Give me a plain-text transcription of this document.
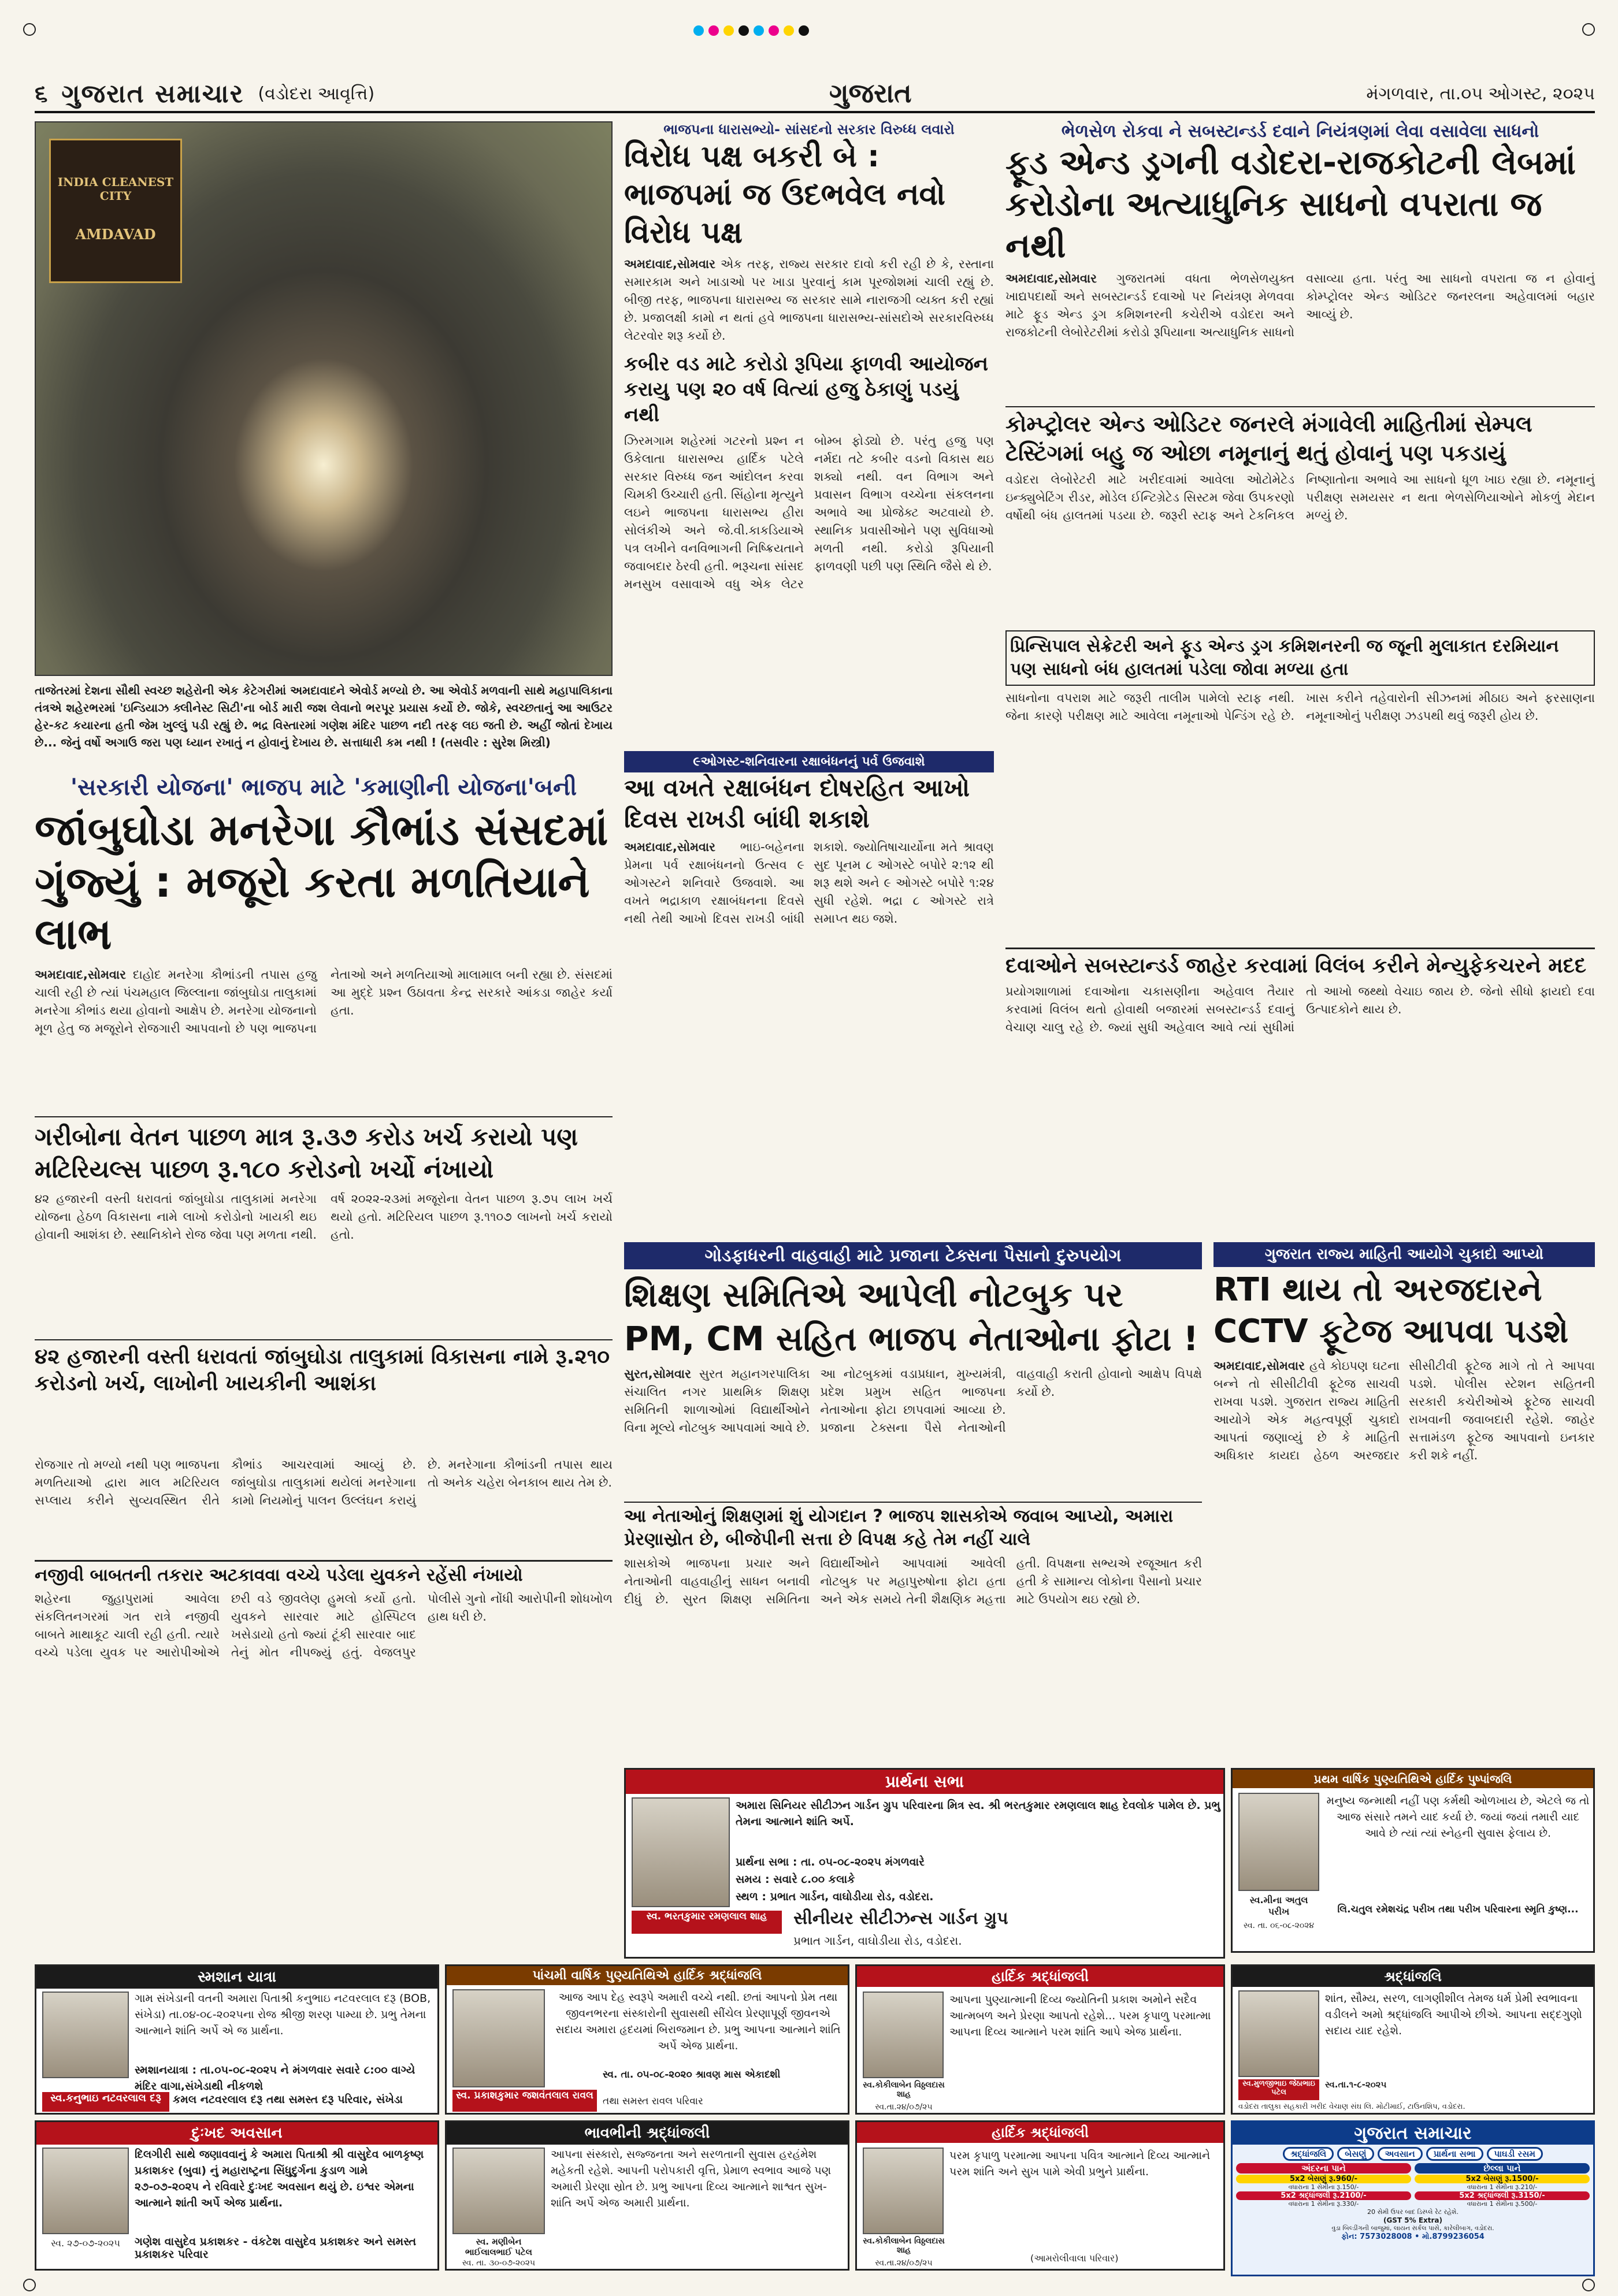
૬ ગુજરાત સમાચાર (વડોદરા આવૃત્તિ)	ગુજરાત	મંગળવાર, તા.૦૫ ઓગસ્ટ, ૨૦૨૫
INDIA CLEANEST CITY
AMDAVAD
તાજેતરમાં દેશના સૌથી સ્વચ્છ શહેરોની એક કેટેગરીમાં અમદાવાદને એવોર્ડ મળ્યો છે. આ એવોર્ડ મળવાની સાથે મહાપાલિકાના તંત્રએ શહેરભરમાં 'ઇન્ડિયાઝ ક્લીનેસ્ટ સિટી'ના બોર્ડ મારી જશ લેવાનો ભરપૂર પ્રયાસ કર્યો છે. જોકે, સ્વચ્છતાનું આ આઉટર હેર-કટ કયારના હતી જેમ ખુલ્લું પડી રહ્યું છે. ભદ્ર વિસ્તારમાં ગણેશ મંદિર પાછળ નદી તરફ લઇ જતી છે. અહીં જોતાં દેખાય છે... જેનું વર્ષો અગાઉ જરા પણ ધ્યાન રખાતું ન હોવાનું દેખાય છે. સત્તાધારી કમ નથી ! (તસવીર : સુરેશ મિસ્ત્રી)
'સરકારી યોજના' ભાજપ માટે 'કમાણીની યોજના'બની
જાંબુઘોડા મનરેગા કૌભાંડ સંસદમાં ગુંજ્યું : મજૂરો કરતા મળતિયાને લાભ
અમદાવાદ,સોમવાર દાહોદ મનરેગા કૌભાંડની તપાસ હજુ ચાલી રહી છે ત્યાં પંચમહાલ જિલ્લાના જાંબુઘોડા તાલુકામાં મનરેગા કૌભાંડ થયા હોવાનો આક્ષેપ છે. મનરેગા યોજનાનો મૂળ હેતુ જ મજૂરોને રોજગારી આપવાનો છે પણ ભાજપના નેતાઓ અને મળતિયાઓ માલામાલ બની રહ્યા છે. સંસદમાં આ મુદ્દે પ્રશ્ન ઉઠાવતા કેન્દ્ર સરકારે આંકડા જાહેર કર્યા હતા.
ગરીબોના વેતન પાછળ માત્ર રૂ.૩૭ કરોડ ખર્ચ કરાયો પણ મટિરિયલ્સ પાછળ રૂ.૧૮૦ કરોડનો ખર્ચો નંખાયો
૪૨ હજારની વસ્તી ધરાવતાં જાંબુઘોડા તાલુકામાં મનરેગા યોજના હેઠળ વિકાસના નામે લાખો કરોડોનો ખાયકી થઇ હોવાની આશંકા છે. સ્થાનિકોને રોજ જેવા પણ મળતા નથી. વર્ષ ૨૦૨૨-૨૩માં મજૂરોના વેતન પાછળ રૂ.૭૫ લાખ ખર્ચ થયો હતો. મટિરિયલ પાછળ રૂ.૧૧૦૭ લાખનો ખર્ચ કરાયો હતો.
૪૨ હજારની વસ્તી ધરાવતાં જાંબુઘોડા તાલુકામાં વિકાસના નામે રૂ.૨૧૦ કરોડનો ખર્ચ, લાખોની ખાયકીની આશંકા
રોજગાર તો મળ્યો નથી પણ ભાજપના મળતિયાઓ દ્વારા માલ મટિરિયલ સપ્લાય કરીને સુવ્યવસ્થિત રીતે કૌભાંડ આચરવામાં આવ્યું છે. જાંબુઘોડા તાલુકામાં થયેલાં મનરેગાના કામો નિયમોનું પાલન ઉલ્લંઘન કરાયું છે. મનરેગાના કૌભાંડની તપાસ થાય તો અનેક ચહેરા બેનકાબ થાય તેમ છે.
નજીવી બાબતની તકરાર અટકાવવા વચ્ચે પડેલા યુવકને રહેંસી નંખાયો
શહેરના જુહાપુરામાં આવેલા સંકલિતનગરમાં ગત રાત્રે નજીવી બાબતે માથાકૂટ ચાલી રહી હતી. ત્યારે વચ્ચે પડેલા યુવક પર આરોપીઓએ છરી વડે જીવલેણ હુમલો કર્યો હતો. યુવકને સારવાર માટે હોસ્પિટલ ખસેડાયો હતો જ્યાં ટૂંકી સારવાર બાદ તેનું મોત નીપજ્યું હતું. વેજલપુર પોલીસે ગુનો નોંધી આરોપીની શોધખોળ હાથ ધરી છે.
ભાજપના ધારાસભ્યો- સાંસદનો સરકાર વિરુધ્ધ લવારો
વિરોધ પક્ષ બકરી બે : ભાજપમાં જ ઉદભવેલ નવો વિરોધ પક્ષ
અમદાવાદ,સોમવાર એક તરફ, રાજ્ય સરકાર દાવો કરી રહી છે કે, રસ્તાના સમારકામ અને ખાડાઓ પર ખાડા પુરવાનું કામ પૂરજોશમાં ચાલી રહ્યું છે. બીજી તરફ, ભાજપના ધારાસભ્ય જ સરકાર સામે નારાજગી વ્યક્ત કરી રહ્યાં છે. પ્રજાલક્ષી કામો ન થતાં હવે ભાજપના ધારાસભ્ય-સાંસદોએ સરકારવિરુધ્ધ લેટરવોર શરૂ કર્યો છે.
કબીર વડ માટે કરોડો રૂપિયા ફાળવી આયોજન કરાયુ પણ ૨૦ વર્ષ વિત્યાં હજુ ઠેકાણું પડયું નથી
ઝિરમગામ શહેરમાં ગટરનો પ્રશ્ન ન ઉકેલાતા ધારાસભ્ય હાર્દિક પટેલે સરકાર વિરુધ્ધ જન આંદોલન કરવા ચિમકી ઉચ્ચારી હતી. સિંહોના મૃત્યુને લઇને ભાજપના ધારાસભ્ય હીરા સોલંકીએ અને જે.વી.કાકડિયાએ પત્ર લખીને વનવિભાગની નિષ્ક્રિયતાને જવાબદાર ઠેરવી હતી. ભરૂચના સાંસદ મનસુખ વસાવાએ વધુ એક લેટર બોમ્બ ફોડ્યો છે. પરંતુ હજુ પણ નર્મદા તટે કબીર વડનો વિકાસ થઇ શક્યો નથી. વન વિભાગ અને પ્રવાસન વિભાગ વચ્ચેના સંકલનના અભાવે આ પ્રોજેક્ટ અટવાયો છે. સ્થાનિક પ્રવાસીઓને પણ સુવિધાઓ મળતી નથી. કરોડો રૂપિયાની ફાળવણી પછી પણ સ્થિતિ જૈસે થે છે.
ભેળસેળ રોકવા ને સબસ્ટાન્ડર્ડ દવાને નિયંત્રણમાં લેવા વસાવેલા સાધનો
ફૂડ એન્ડ ડ્રગની વડોદરા-રાજકોટની લેબમાં કરોડોના અત્યાધુનિક સાધનો વપરાતા જ નથી
અમદાવાદ,સોમવાર ગુજરાતમાં વધતા ભેળસેળયુક્ત ખાદ્યપદાર્થો અને સબસ્ટાન્ડર્ડ દવાઓ પર નિયંત્રણ મેળવવા માટે ફૂડ એન્ડ ડ્રગ કમિશનરની કચેરીએ વડોદરા અને રાજકોટની લેબોરેટરીમાં કરોડો રૂપિયાના અત્યાધુનિક સાધનો વસાવ્યા હતા. પરંતુ આ સાધનો વપરાતા જ ન હોવાનું કોમ્પ્ટ્રોલર એન્ડ ઓડિટર જનરલના અહેવાલમાં બહાર આવ્યું છે.
કોમ્પ્ટ્રોલર એન્ડ ઓડિટર જનરલે મંગાવેલી માહિતીમાં સેમ્પલ ટેસ્ટિંગમાં બહુ જ ઓછા નમૂનાનું થતું હોવાનું પણ પકડાયું
વડોદરા લેબોરેટરી માટે ખરીદવામાં આવેલા ઓટોમેટેડ ઇન્ક્યુબેટિંગ રીડર, મોડેલ ઈન્ટિગ્રેટેડ સિસ્ટમ જેવા ઉપકરણો વર્ષોથી બંધ હાલતમાં પડયા છે. જરૂરી સ્ટાફ અને ટેકનિકલ નિષ્ણાતોના અભાવે આ સાધનો ધૂળ ખાઇ રહ્યા છે. નમૂનાનું પરીક્ષણ સમયસર ન થતા ભેળસેળિયાઓને મોકળું મેદાન મળ્યું છે.
પ્રિન્સિપાલ સેક્રેટરી અને ફૂડ એન્ડ ડ્રગ કમિશનરની જ જૂની મુલાકાત દરમિયાન પણ સાધનો બંધ હાલતમાં પડેલા જોવા મળ્યા હતા
સાધનોના વપરાશ માટે જરૂરી તાલીમ પામેલો સ્ટાફ નથી. જેના કારણે પરીક્ષણ માટે આવેલા નમૂનાઓ પેન્ડિંગ રહે છે. ખાસ કરીને તહેવારોની સીઝનમાં મીઠાઇ અને ફરસાણના નમૂનાઓનું પરીક્ષણ ઝડપથી થવું જરૂરી હોય છે.
દવાઓને સબસ્ટાન્ડર્ડ જાહેર કરવામાં વિલંબ કરીને મેન્યુફેકચરને મદદ
પ્રયોગશાળામાં દવાઓના ચકાસણીના અહેવાલ તૈયાર કરવામાં વિલંબ થતો હોવાથી બજારમાં સબસ્ટાન્ડર્ડ દવાનું વેચાણ ચાલુ રહે છે. જ્યાં સુધી અહેવાલ આવે ત્યાં સુધીમાં તો આખો જથ્થો વેચાઇ જાય છે. જેનો સીધો ફાયદો દવા ઉત્પાદકોને થાય છે.
૯ઓગસ્ટ-શનિવારના રક્ષાબંધનનું પર્વ ઉજવાશે
આ વખતે રક્ષાબંધન દોષરહિત આખો દિવસ રાખડી બાંધી શકાશે
અમદાવાદ,સોમવાર ભાઇ-બહેનના પ્રેમના પર્વ રક્ષાબંધનનો ઉત્સવ ૯ ઓગસ્ટને શનિવારે ઉજવાશે. આ વખતે ભદ્રાકાળ રક્ષાબંધનના દિવસે નથી તેથી આખો દિવસ રાખડી બાંધી શકાશે. જ્યોતિષાચાર્યોના મતે શ્રાવણ સુદ પૂનમ ૮ ઓગસ્ટે બપોરે ૨:૧૨ થી શરૂ થશે અને ૯ ઓગસ્ટે બપોરે ૧:૨૪ સુધી રહેશે. ભદ્રા ૮ ઓગસ્ટે રાત્રે સમાપ્ત થઇ જશે.
ગોડફાધરની વાહવાહી માટે પ્રજાના ટેક્સના પૈસાનો દુરુપયોગ
શિક્ષણ સમિતિએ આપેલી નોટબુક પર PM, CM સહિત ભાજપ નેતાઓના ફોટા !
સુરત,સોમવાર સુરત મહાનગરપાલિકા સંચાલિત નગર પ્રાથમિક શિક્ષણ સમિતિની શાળાઓમાં વિદ્યાર્થીઓને વિના મૂલ્યે નોટબુક આપવામાં આવે છે. આ નોટબુકમાં વડાપ્રધાન, મુખ્યમંત્રી, પ્રદેશ પ્રમુખ સહિત ભાજપના નેતાઓના ફોટા છાપવામાં આવ્યા છે. પ્રજાના ટેક્સના પૈસે નેતાઓની વાહવાહી કરાતી હોવાનો આક્ષેપ વિપક્ષે કર્યો છે.
આ નેતાઓનું શિક્ષણમાં શું યોગદાન ? ભાજપ શાસકોએ જવાબ આપ્યો, અમારા પ્રેરણાસ્રોત છે, બીજેપીની સત્તા છે વિપક્ષ કહે તેમ નહીં ચાલે
શાસકોએ ભાજપના પ્રચાર અને નેતાઓની વાહવાહીનું સાધન બનાવી દીધું છે. સુરત શિક્ષણ સમિતિના વિદ્યાર્થીઓને આપવામાં આવેલી નોટબુક પર મહાપુરુષોના ફોટા હતા અને એક સમયે તેની શૈક્ષણિક મહત્તા હતી. વિપક્ષના સભ્યએ રજૂઆત કરી હતી કે સામાન્ય લોકોના પૈસાનો પ્રચાર માટે ઉપયોગ થઇ રહ્યો છે.
ગુજરાત રાજ્ય માહિતી આયોગે ચુકાદો આપ્યો
RTI થાય તો અરજદારને CCTV ફૂટેજ આપવા પડશે
અમદાવાદ,સોમવાર હવે કોઇપણ ઘટના બન્ને તો સીસીટીવી ફૂટેજ સાચવી રાખવા પડશે. ગુજરાત રાજ્ય માહિતી આયોગે એક મહત્વપૂર્ણ ચુકાદો આપતાં જણાવ્યું છે કે માહિતી અધિકાર કાયદા હેઠળ અરજદાર સીસીટીવી ફૂટેજ માગે તો તે આપવા પડશે. પોલીસ સ્ટેશન સહિતની સરકારી કચેરીઓએ ફૂટેજ સાચવી રાખવાની જવાબદારી રહેશે. જાહેર સત્તામંડળ ફૂટેજ આપવાનો ઇનકાર કરી શકે નહીં.
સ્મશાન યાત્રા
ગામ સંખેડાની વતની અમારા પિતાશ્રી કનુભાઇ નટવરલાલ દરૂ (BOB, સંખેડા) તા.૦૪-૦૮-૨૦૨૫ના રોજ શ્રીજી શરણ પામ્યા છે. પ્રભુ તેમના આત્માને શાંતિ અર્પે એ જ પ્રાર્થના.
સ્મશાનયાત્રા : તા.૦૫-૦૮-૨૦૨૫ ને મંગળવાર સવારે ૮:૦૦ વાગ્યે મંદિર વાગા,સંખેડાથી નીકળશે
સ્વ.કનુભાઇ નટવરલાલ દરૂ	કમલ નટવરલાલ દરૂ તથા સમસ્ત દરૂ પરિવાર, સંખેડા
દુઃખદ અવસાન
દિલગીરી સાથે જણાવવાનું કે અમારા પિતાશ્રી શ્રી વાસુદેવ બાળકૃષ્ણ પ્રકાશકર (બુવા) નું મહારાષ્ટ્રના સિંધુદુર્ગના કુડાળ ગામે ૨૭-૦૭-૨૦૨૫ ને રવિવારે દુઃખદ અવસાન થયું છે. ઇશ્વર એમના આત્માને શાંતી અર્પે એજ પ્રાર્થના.
સ્વ. ૨૭-૦૭-૨૦૨૫	ગણેશ વાસુદેવ પ્રકાશકર - વંકટેશ વાસુદેવ પ્રકાશકર અને સમસ્ત પ્રકાશકર પરિવાર
પાંચમી વાર્ષિક પુણ્યતિથિએ હાર્દિક શ્રદ્ધાંજલિ
આજ આપ દેહ સ્વરૂપે અમારી વચ્ચે નથી. છતાં આપનો પ્રેમ તથા જીવનભરના સંસ્કારોની સુવાસથી સીંચેલ પ્રેરણાપૂર્ણ જીવનએ સદાય અમારા હૃદયમાં બિરાજમાન છે. પ્રભુ આપના આત્માને શાંતિ અર્પે એજ પ્રાર્થના.
સ્વ. પ્રકાશકુમાર જશવંતલાલ રાવલ
સ્વ. તા. ૦૫-૦૮-૨૦૨૦ શ્રાવણ માસ એકાદશી
તથા સમસ્ત રાવલ પરિવાર
ભાવભીની શ્રદ્ધાંજલી
આપના સંસ્કારો, સજ્જનતા અને સરળતાની સુવાસ હરહંમેશ મહેકતી રહેશે. આપની પરોપકારી વૃત્તિ, પ્રેમાળ સ્વભાવ આજે પણ અમારી પ્રેરણા સ્રોત છે. પ્રભુ આપના દિવ્ય આત્માને શાશ્વત સુખ-શાંતિ અર્પે એજ અમારી પ્રાર્થના.
સ્વ. મણીબેન ભાઈલાલભાઈ પટેલ
સ્વ. તા. ૩૦-૦૭-૨૦૨૫
હાર્દિક શ્રદ્ધાંજલી
આપના પુણ્યાત્માની દિવ્ય જ્યોતિની પ્રકાશ અમોને સદૈવ આત્મબળ અને પ્રેરણા આપતો રહેશે... પરમ કૃપાળુ પરમાત્મા આપના દિવ્ય આત્માને પરમ શાંતિ આપે એજ પ્રાર્થના.
સ્વ.કોકીલાબેન વિઠ્ઠલદાસ શાહ
સ્વ.તા.૨૪/૦૭/૨૫
હાર્દિક શ્રદ્ધાંજલી
પરમ કૃપાળુ પરમાત્મા આપના પવિત્ર આત્માને દિવ્ય આત્માને પરમ શાંતિ અને સુખ પામે એવી પ્રભુને પ્રાર્થના.
સ્વ.કોકીલાબેન વિઠ્ઠલદાસ શાહ
સ્વ.તા.૨૪/૦૭/૨૫	(આમરોલીવાલા પરિવાર)
પ્રથમ વાર્ષિક પુણ્યતિથિએ હાર્દિક પુષ્પાંજલિ
મનુષ્ય જન્માથી નહીં પણ કર્મથી ઓળખાય છે, એટલે જ તો આજ સંસારે તમને યાદ કર્યા છે. જયાં જયાં તમારી યાદ આવે છે ત્યાં ત્યાં સ્નેહની સુવાસ ફેલાય છે.
સ્વ.મીના અતુલ પરીખ
સ્વ. તા. ૦૬-૦૮-૨૦૨૪
લિ.ચતુલ રમેશચંદ્ર પરીખ તથા પરીખ પરિવારના સ્મૃતિ કુષ્ણ...
પ્રાર્થના સભા
અમારા સિનિયર સીટીઝન ગાર્ડન ગ્રુપ પરિવારના મિત્ર સ્વ. શ્રી ભરતકુમાર રમણલાલ શાહ દેવલોક પામેલ છે. પ્રભુ તેમના આત્માને શાંતિ અર્પે.
પ્રાર્થના સભા : તા. ૦૫-૦૮-૨૦૨૫ મંગળવારે
સમય : સવારે ૮.૦૦ કલાકે
સ્થળ : પ્રભાત ગાર્ડન, વાઘોડીયા રોડ, વડોદરા.
સ્વ. ભરતકુમાર રમણલાલ શાહ	સીનીયર સીટીઝન્સ ગાર્ડન ગ્રુપ
પ્રભાત ગાર્ડન, વાઘોડીયા રોડ, વડોદરા.
શ્રદ્ધાંજલિ
શાંત, સૌમ્ય, સરળ, લાગણીશીલ તેમજ ધર્મ પ્રેમી સ્વભાવના વડીલને અમો શ્રદ્ધાંજલિ આપીએ છીએ. આપના સદ્દગુણો સદાય યાદ રહેશે.
સ્વ.મુળજીભાઇ જેઠાભાઇ પટેલ
સ્વ.તા.૧-૮-૨૦૨૫
વડોદરા તાલુકા સહકારી ખરીદ વેચાણ સંઘ લિ. મોટીમાઈ, ટાઉનશિપ, વડોદરા.
ગુજરાત સમાચાર
શ્રદ્ધાંજલિ	બેસણું	અવસાન	પ્રાર્થના સભા	પાઘડી રસમ
અંદરના પાને
5x2 બેસણું રૂ.960/-
વધારાના 1 સેમીના રૂ.150/-
5x2 શ્રદ્ધાંજલી રૂ.2100/-
વધારાના 1 સેમીના રૂ.330/-
છેલ્લા પાને
5x2 બેસણું રૂ.1500/-
વધારાના 1 સેમીના રૂ.210/-
5x2 શ્રદ્ધાંજલી રૂ.3150/-
વધારાના 1 સેમીના રૂ.500/-
20 સેમી ઉપર બાદ ડિસ્પ્લે રેટ રહેશે.
(GST 5% Extra)
વુડા બિલ્ડીંગની બાજુમાં, લાયન સર્કલ પાસે, કારેલીબાગ, વડોદરા.
ફોન: 7573028008 • મો.8799236054
